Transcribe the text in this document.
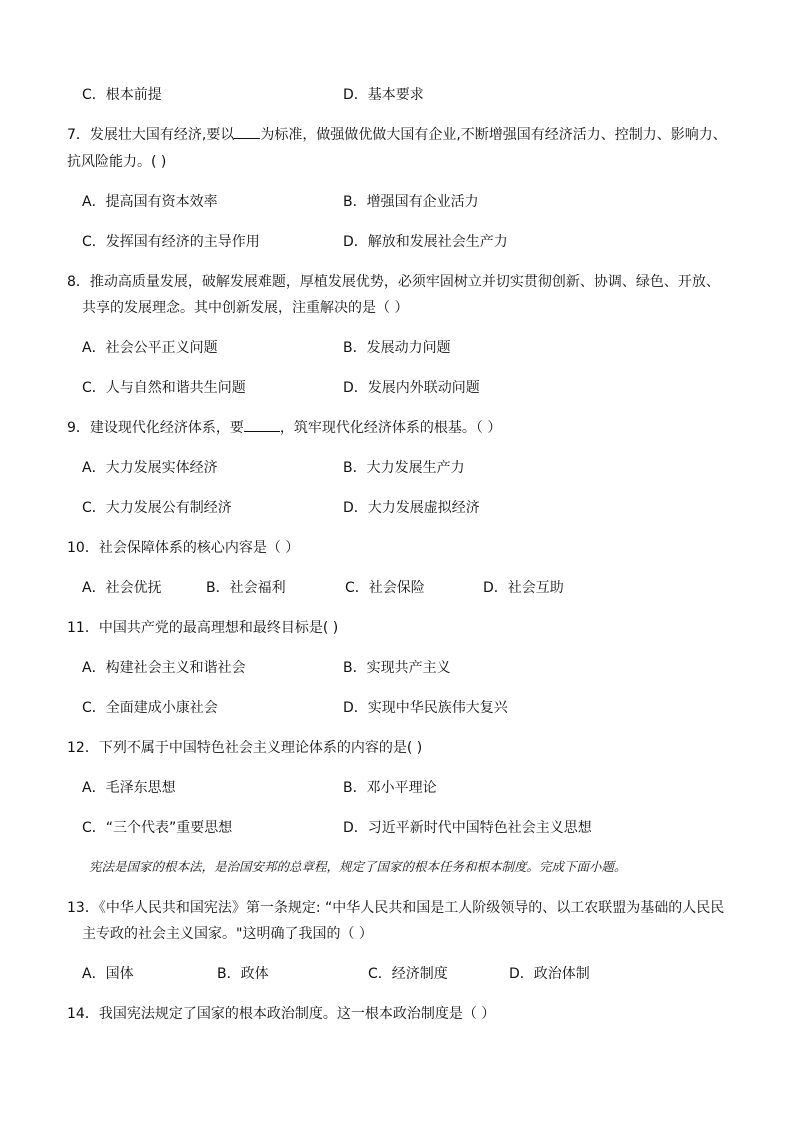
C．根本前提	D．基本要求
7．发展壮大国有经济,要以 为标准，做强做优做大国有企业,不断增强国有经济活力、控制力、影响力、
抗风险能力。( )
A．提高国有资本效率	B．增强国有企业活力
C．发挥国有经济的主导作用	D．解放和发展社会生产力
8．推动高质量发展，破解发展难题，厚植发展优势，必须牢固树立并切实贯彻创新、协调、绿色、开放、
共享的发展理念。其中创新发展，注重解决的是（ ）
A．社会公平正义问题	B．发展动力问题
C．人与自然和谐共生问题	D．发展内外联动问题
9．建设现代化经济体系，要	，筑牢现代化经济体系的根基。（ ）
A．大力发展实体经济	B．大力发展生产力
C．大力发展公有制经济	D．大力发展虚拟经济
10．社会保障体系的核心内容是（ ）
A．社会优抚	B．社会福利	C．社会保险	D．社会互助
11．中国共产党的最高理想和最终目标是( )
A．构建社会主义和谐社会	B．实现共产主义
C．全面建成小康社会	D．实现中华民族伟大复兴
12．下列不属于中国特色社会主义理论体系的内容的是( )
A．毛泽东思想	B．邓小平理论
C．“三个代表”重要思想	D．习近平新时代中国特色社会主义思想
宪法是国家的根本法，是治国安邦的总章程，规定了国家的根本任务和根本制度。完成下面小题。
13．《中华人民共和国宪法》第一条规定: “中华人民共和国是工人阶级领导的、以工农联盟为基础的人民民
主专政的社会主义国家。"这明确了我国的（ ）
A．国体	B．政体	C．经济制度	D．政治体制
14．我国宪法规定了国家的根本政治制度。这一根本政治制度是（ ）
